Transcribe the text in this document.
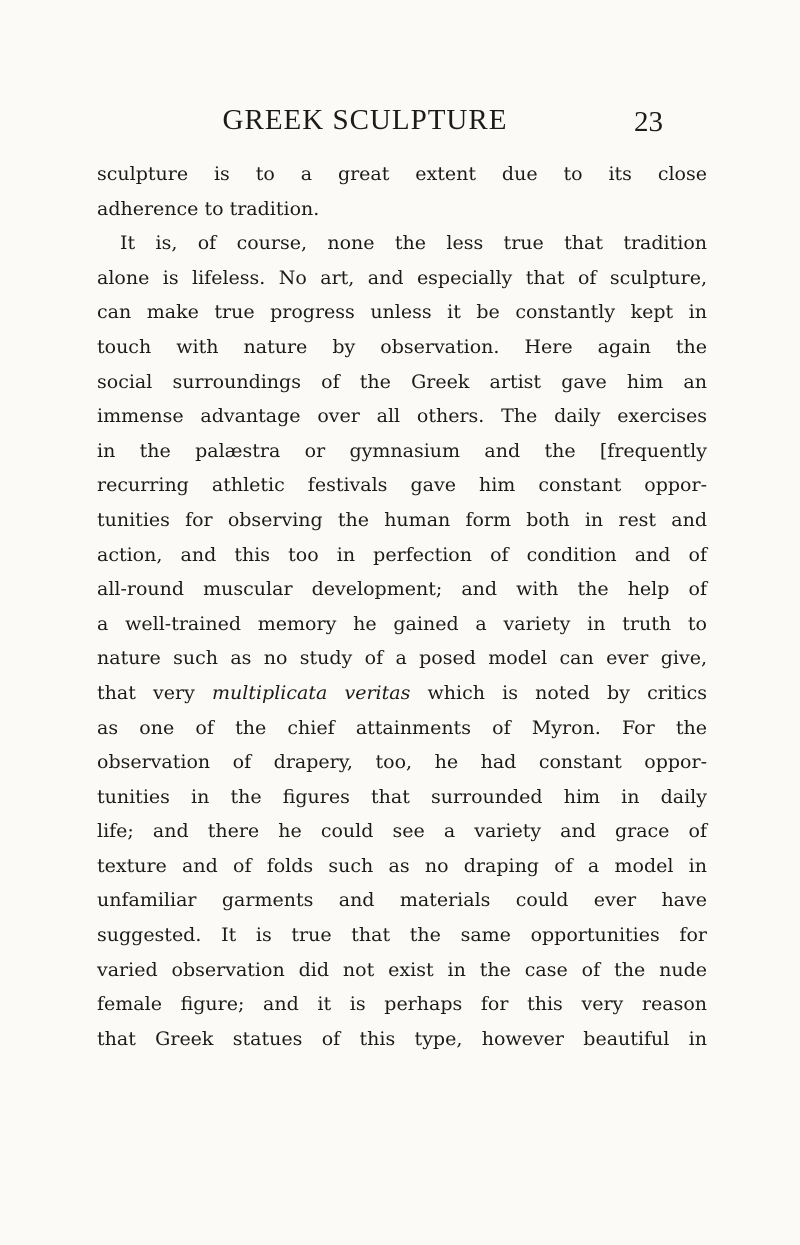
GREEK SCULPTURE	23
sculpture is to a great extent due to its close
adherence to tradition.
It is, of course, none the less true that tradition
alone is lifeless. No art, and especially that of sculpture,
can make true progress unless it be constantly kept in
touch with nature by observation. Here again the
social surroundings of the Greek artist gave him an
immense advantage over all others. The daily exercises
in the palæstra or gymnasium and the [frequently
recurring athletic festivals gave him constant oppor-
tunities for observing the human form both in rest and
action, and this too in perfection of condition and of
all-round muscular development; and with the help of
a well-trained memory he gained a variety in truth to
nature such as no study of a posed model can ever give,
that very multiplicata veritas which is noted by critics
as one of the chief attainments of Myron. For the
observation of drapery, too, he had constant oppor-
tunities in the figures that surrounded him in daily
life; and there he could see a variety and grace of
texture and of folds such as no draping of a model in
unfamiliar garments and materials could ever have
suggested. It is true that the same opportunities for
varied observation did not exist in the case of the nude
female figure; and it is perhaps for this very reason
that Greek statues of this type, however beautiful in
